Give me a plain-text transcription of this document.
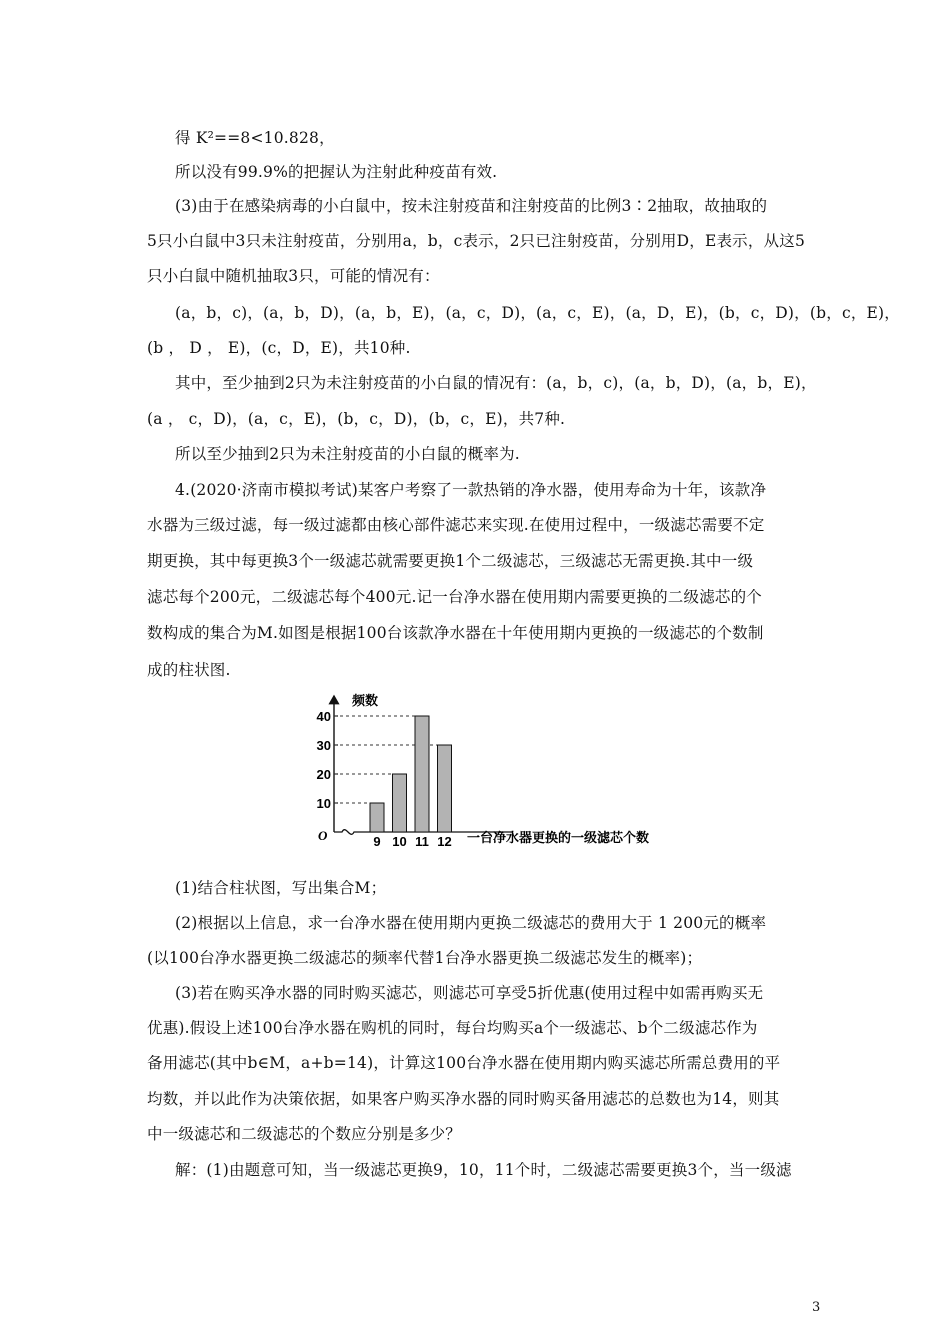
得 K²==8<10.828，
所以没有99.9%的把握认为注射此种疫苗有效.
(3)由于在感染病毒的小白鼠中，按未注射疫苗和注射疫苗的比例3∶2抽取，故抽取的
5只小白鼠中3只未注射疫苗，分别用a，b，c表示，2只已注射疫苗，分别用D，E表示，从这5
只小白鼠中随机抽取3只，可能的情况有：
(a，b，c)，(a，b，D)，(a，b，E)，(a，c，D)，(a，c，E)，(a，D，E)，(b，c，D)，(b，c，E)，
(b ， D ， E)，(c，D，E)，共10种.
其中，至少抽到2只为未注射疫苗的小白鼠的情况有：(a，b，c)，(a，b，D)，(a，b，E)，
(a ， c，D)，(a，c，E)，(b，c，D)，(b，c，E)，共7种.
所以至少抽到2只为未注射疫苗的小白鼠的概率为.
4.(2020·济南市模拟考试)某客户考察了一款热销的净水器，使用寿命为十年，该款净
水器为三级过滤，每一级过滤都由核心部件滤芯来实现.在使用过程中，一级滤芯需要不定
期更换，其中每更换3个一级滤芯就需要更换1个二级滤芯，三级滤芯无需更换.其中一级
滤芯每个200元，二级滤芯每个400元.记一台净水器在使用期内需要更换的二级滤芯的个
数构成的集合为M.如图是根据100台该款净水器在十年使用期内更换的一级滤芯的个数制
成的柱状图.
频数
O	一台净水器更换的一级滤芯个数
10
20
30
40
9 10 11 12
(1)结合柱状图，写出集合M；
(2)根据以上信息，求一台净水器在使用期内更换二级滤芯的费用大于 1 200元的概率
(以100台净水器更换二级滤芯的频率代替1台净水器更换二级滤芯发生的概率)；
(3)若在购买净水器的同时购买滤芯，则滤芯可享受5折优惠(使用过程中如需再购买无
优惠).假设上述100台净水器在购机的同时，每台均购买a个一级滤芯、b个二级滤芯作为
备用滤芯(其中b∈M，a+b=14)，计算这100台净水器在使用期内购买滤芯所需总费用的平
均数，并以此作为决策依据，如果客户购买净水器的同时购买备用滤芯的总数也为14，则其
中一级滤芯和二级滤芯的个数应分别是多少？
解：(1)由题意可知，当一级滤芯更换9，10，11个时，二级滤芯需要更换3个，当一级滤
3
